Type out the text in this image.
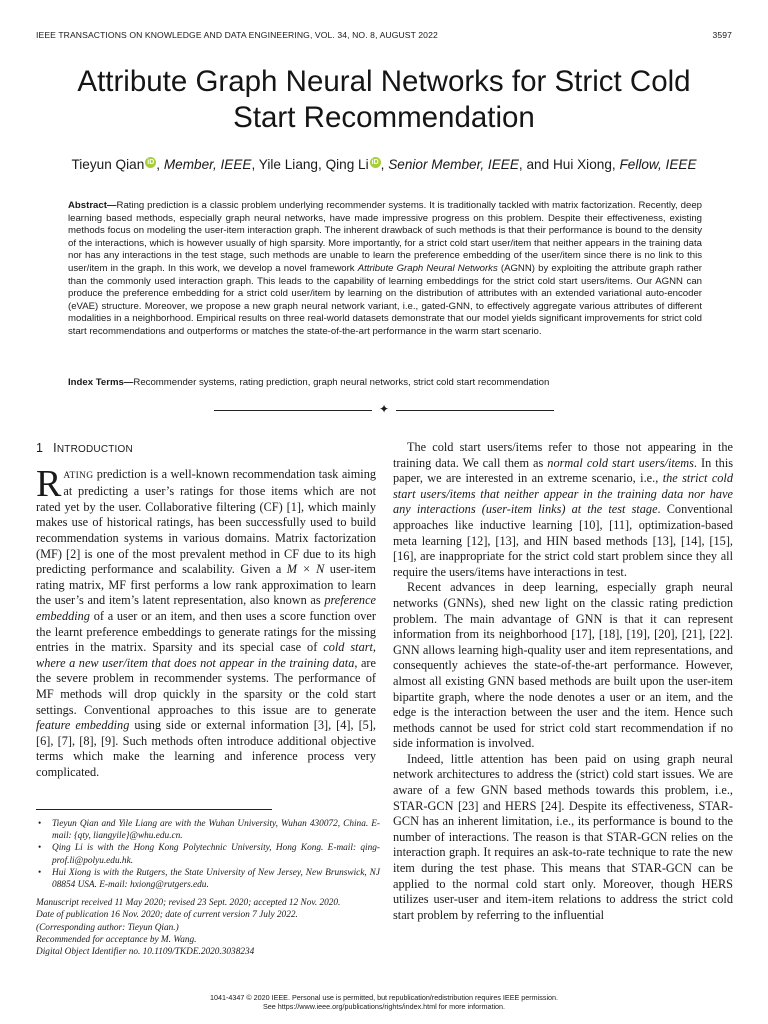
IEEE TRANSACTIONS ON KNOWLEDGE AND DATA ENGINEERING, VOL. 34, NO. 8, AUGUST 2022	3597
Attribute Graph Neural Networks for Strict Cold
Start Recommendation
Tieyun Qian iD , Member, IEEE, Yile Liang, Qing Li iD , Senior Member, IEEE, and Hui Xiong, Fellow, IEEE

Abstract—Rating prediction is a classic problem underlying recommender systems. It is traditionally tackled with matrix factorization. Recently, deep learning based methods, especially graph neural networks, have made impressive progress on this problem. Despite their effectiveness, existing methods focus on modeling the user-item interaction graph. The inherent drawback of such methods is that their performance is bound to the density of the interactions, which is however usually of high sparsity. More importantly, for a strict cold start user/item that neither appears in the training data nor has any interactions in the test stage, such methods are unable to learn the preference embedding of the user/item since there is no link to this user/item in the graph. In this work, we develop a novel framework Attribute Graph Neural Networks (AGNN) by exploiting the attribute graph rather than the commonly used interaction graph. This leads to the capability of learning embeddings for the strict cold start users/items. Our AGNN can produce the preference embedding for a strict cold user/item by learning on the distribution of attributes with an extended variational auto-encoder (eVAE) structure. Moreover, we propose a new graph neural network variant, i.e., gated-GNN, to effectively aggregate various attributes of different modalities in a neighborhood. Empirical results on three real-world datasets demonstrate that our model yields significant improvements for strict cold start recommendations and outperforms or matches the state-of-the-art performance in the warm start scenario.

Index Terms—Recommender systems, rating prediction, graph neural networks, strict cold start recommendation

✦
1 INTRODUCTION

RATING prediction is a well-known recommendation task aiming at predicting a user’s ratings for those items which are not rated yet by the user. Collaborative filtering (CF) [1], which mainly makes use of historical ratings, has been successfully used to build recommendation systems in various domains. Matrix factorization (MF) [2] is one of the most prevalent method in CF due to its high predicting performance and scalability. Given a M × N user-item rating matrix, MF first performs a low rank approximation to learn the user’s and item’s latent representation, also known as preference embedding of a user or an item, and then uses a score function over the learnt preference embeddings to generate ratings for the missing entries in the matrix. Sparsity and its special case of cold start, where a new user/item that does not appear in the training data, are the severe problem in recommender systems. The performance of MF methods will drop quickly in the sparsity or the cold start settings. Conventional approaches to this issue are to generate feature embedding using side or external information [3], [4], [5], [6], [7], [8], [9]. Such methods often introduce additional objective terms which make the learning and inference process very complicated.

• Tieyun Qian and Yile Liang are with the Wuhan University, Wuhan 430072, China. E-mail: {qty, liangyile}@whu.edu.cn.
• Qing Li is with the Hong Kong Polytechnic University, Hong Kong. E-mail: qing-prof.li@polyu.edu.hk.
• Hui Xiong is with the Rutgers, the State University of New Jersey, New Brunswick, NJ 08854 USA. E-mail: hxiong@rutgers.edu.
Manuscript received 11 May 2020; revised 23 Sept. 2020; accepted 12 Nov. 2020.
Date of publication 16 Nov. 2020; date of current version 7 July 2022.
(Corresponding author: Tieyun Qian.)
Recommended for acceptance by M. Wang.
Digital Object Identifier no. 10.1109/TKDE.2020.3038234

The cold start users/items refer to those not appearing in the training data. We call them as normal cold start users/items. In this paper, we are interested in an extreme scenario, i.e., the strict cold start users/items that neither appear in the training data nor have any interactions (user-item links) at the test stage. Conventional approaches like inductive learning [10], [11], optimization-based meta learning [12], [13], and HIN based methods [13], [14], [15], [16], are inappropriate for the strict cold start problem since they all require the users/items have interactions in test.

Recent advances in deep learning, especially graph neural networks (GNNs), shed new light on the classic rating prediction problem. The main advantage of GNN is that it can represent information from its neighborhood [17], [18], [19], [20], [21], [22]. GNN allows learning high-quality user and item representations, and consequently achieves the state-of-the-art performance. However, almost all existing GNN based methods are built upon the user-item bipartite graph, where the node denotes a user or an item, and the edge is the interaction between the user and the item. Hence such methods cannot be used for strict cold start recommendation if no side information is involved.

Indeed, little attention has been paid on using graph neural network architectures to address the (strict) cold start issues. We are aware of a few GNN based methods towards this problem, i.e., STAR-GCN [23] and HERS [24]. Despite its effectiveness, STAR-GCN has an inherent limitation, i.e., its performance is bound to the number of interactions. The reason is that STAR-GCN relies on the interaction graph. It requires an ask-to-rate technique to rate the new item during the test phase. This means that STAR-GCN can be applied to the normal cold start only. Moreover, though HERS utilizes user-user and item-item relations to address the strict cold start problem by referring to the influential

1041-4347 © 2020 IEEE. Personal use is permitted, but republication/redistribution requires IEEE permission.
See https://www.ieee.org/publications/rights/index.html for more information.
